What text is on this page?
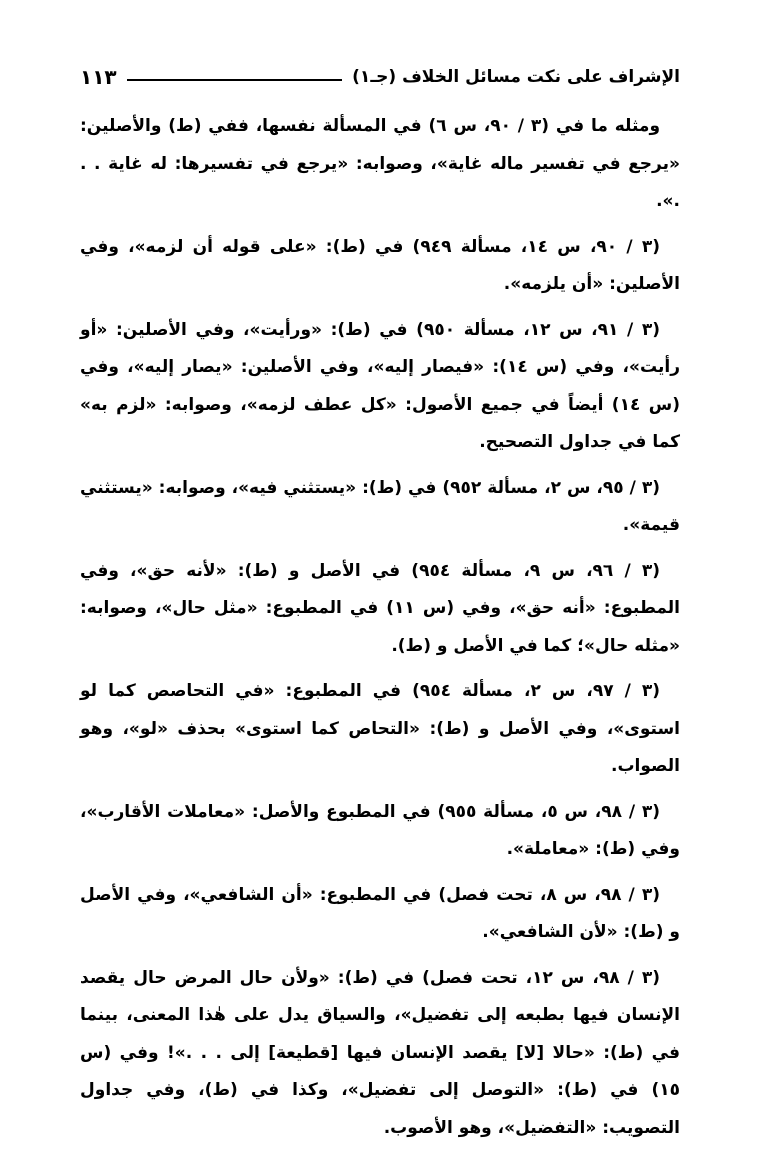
الإشراف على نكت مسائل الخلاف (جـ١)
١١٣

ومثله ما في (٣ / ٩٠، س ٦) في المسألة نفسها، ففي (ط) والأصلين: «يرجع في تفسير ماله غاية»، وصوابه: «يرجع في تفسيرها: له غاية . . .».

(٣ / ٩٠، س ١٤، مسألة ٩٤٩) في (ط): «على قوله أن لزمه»، وفي الأصلين: «أن يلزمه».

(٣ / ٩١، س ١٢، مسألة ٩٥٠) في (ط): «ورأيت»، وفي الأصلين: «أو رأيت»، وفي (س ١٤): «فيصار إليه»، وفي الأصلين: «يصار إليه»، وفي (س ١٤) أيضاً في جميع الأصول: «كل عطف لزمه»، وصوابه: «لزم به» كما في جداول التصحيح.

(٣ / ٩٥، س ٢، مسألة ٩٥٢) في (ط): «يستثني فيه»، وصوابه: «يستثني قيمة».

(٣ / ٩٦، س ٩، مسألة ٩٥٤) في الأصل و (ط): «لأنه حق»، وفي المطبوع: «أنه حق»، وفي (س ١١) في المطبوع: «مثل حال»، وصوابه: «مثله حال»؛ كما في الأصل و (ط).

(٣ / ٩٧، س ٢، مسألة ٩٥٤) في المطبوع: «في التحاصص كما لو استوى»، وفي الأصل و (ط): «التحاص كما استوى» بحذف «لو»، وهو الصواب.

(٣ / ٩٨، س ٥، مسألة ٩٥٥) في المطبوع والأصل: «معاملات الأقارب»، وفي (ط): «معاملة».

(٣ / ٩٨، س ٨، تحت فصل) في المطبوع: «أن الشافعي»، وفي الأصل و (ط): «لأن الشافعي».

(٣ / ٩٨، س ١٢، تحت فصل) في (ط): «ولأن حال المرض حال يقصد الإنسان فيها بطبعه إلى تفضيل»، والسياق يدل على هٰذا المعنى، بينما في (ط): «حالا [لا] يقصد الإنسان فيها [قطيعة] إلى . . .»! وفي (س ١٥) في (ط): «التوصل إلى تفضيل»، وكذا في (ط)، وفي جداول التصويب: «التفضيل»، وهو الأصوب.
